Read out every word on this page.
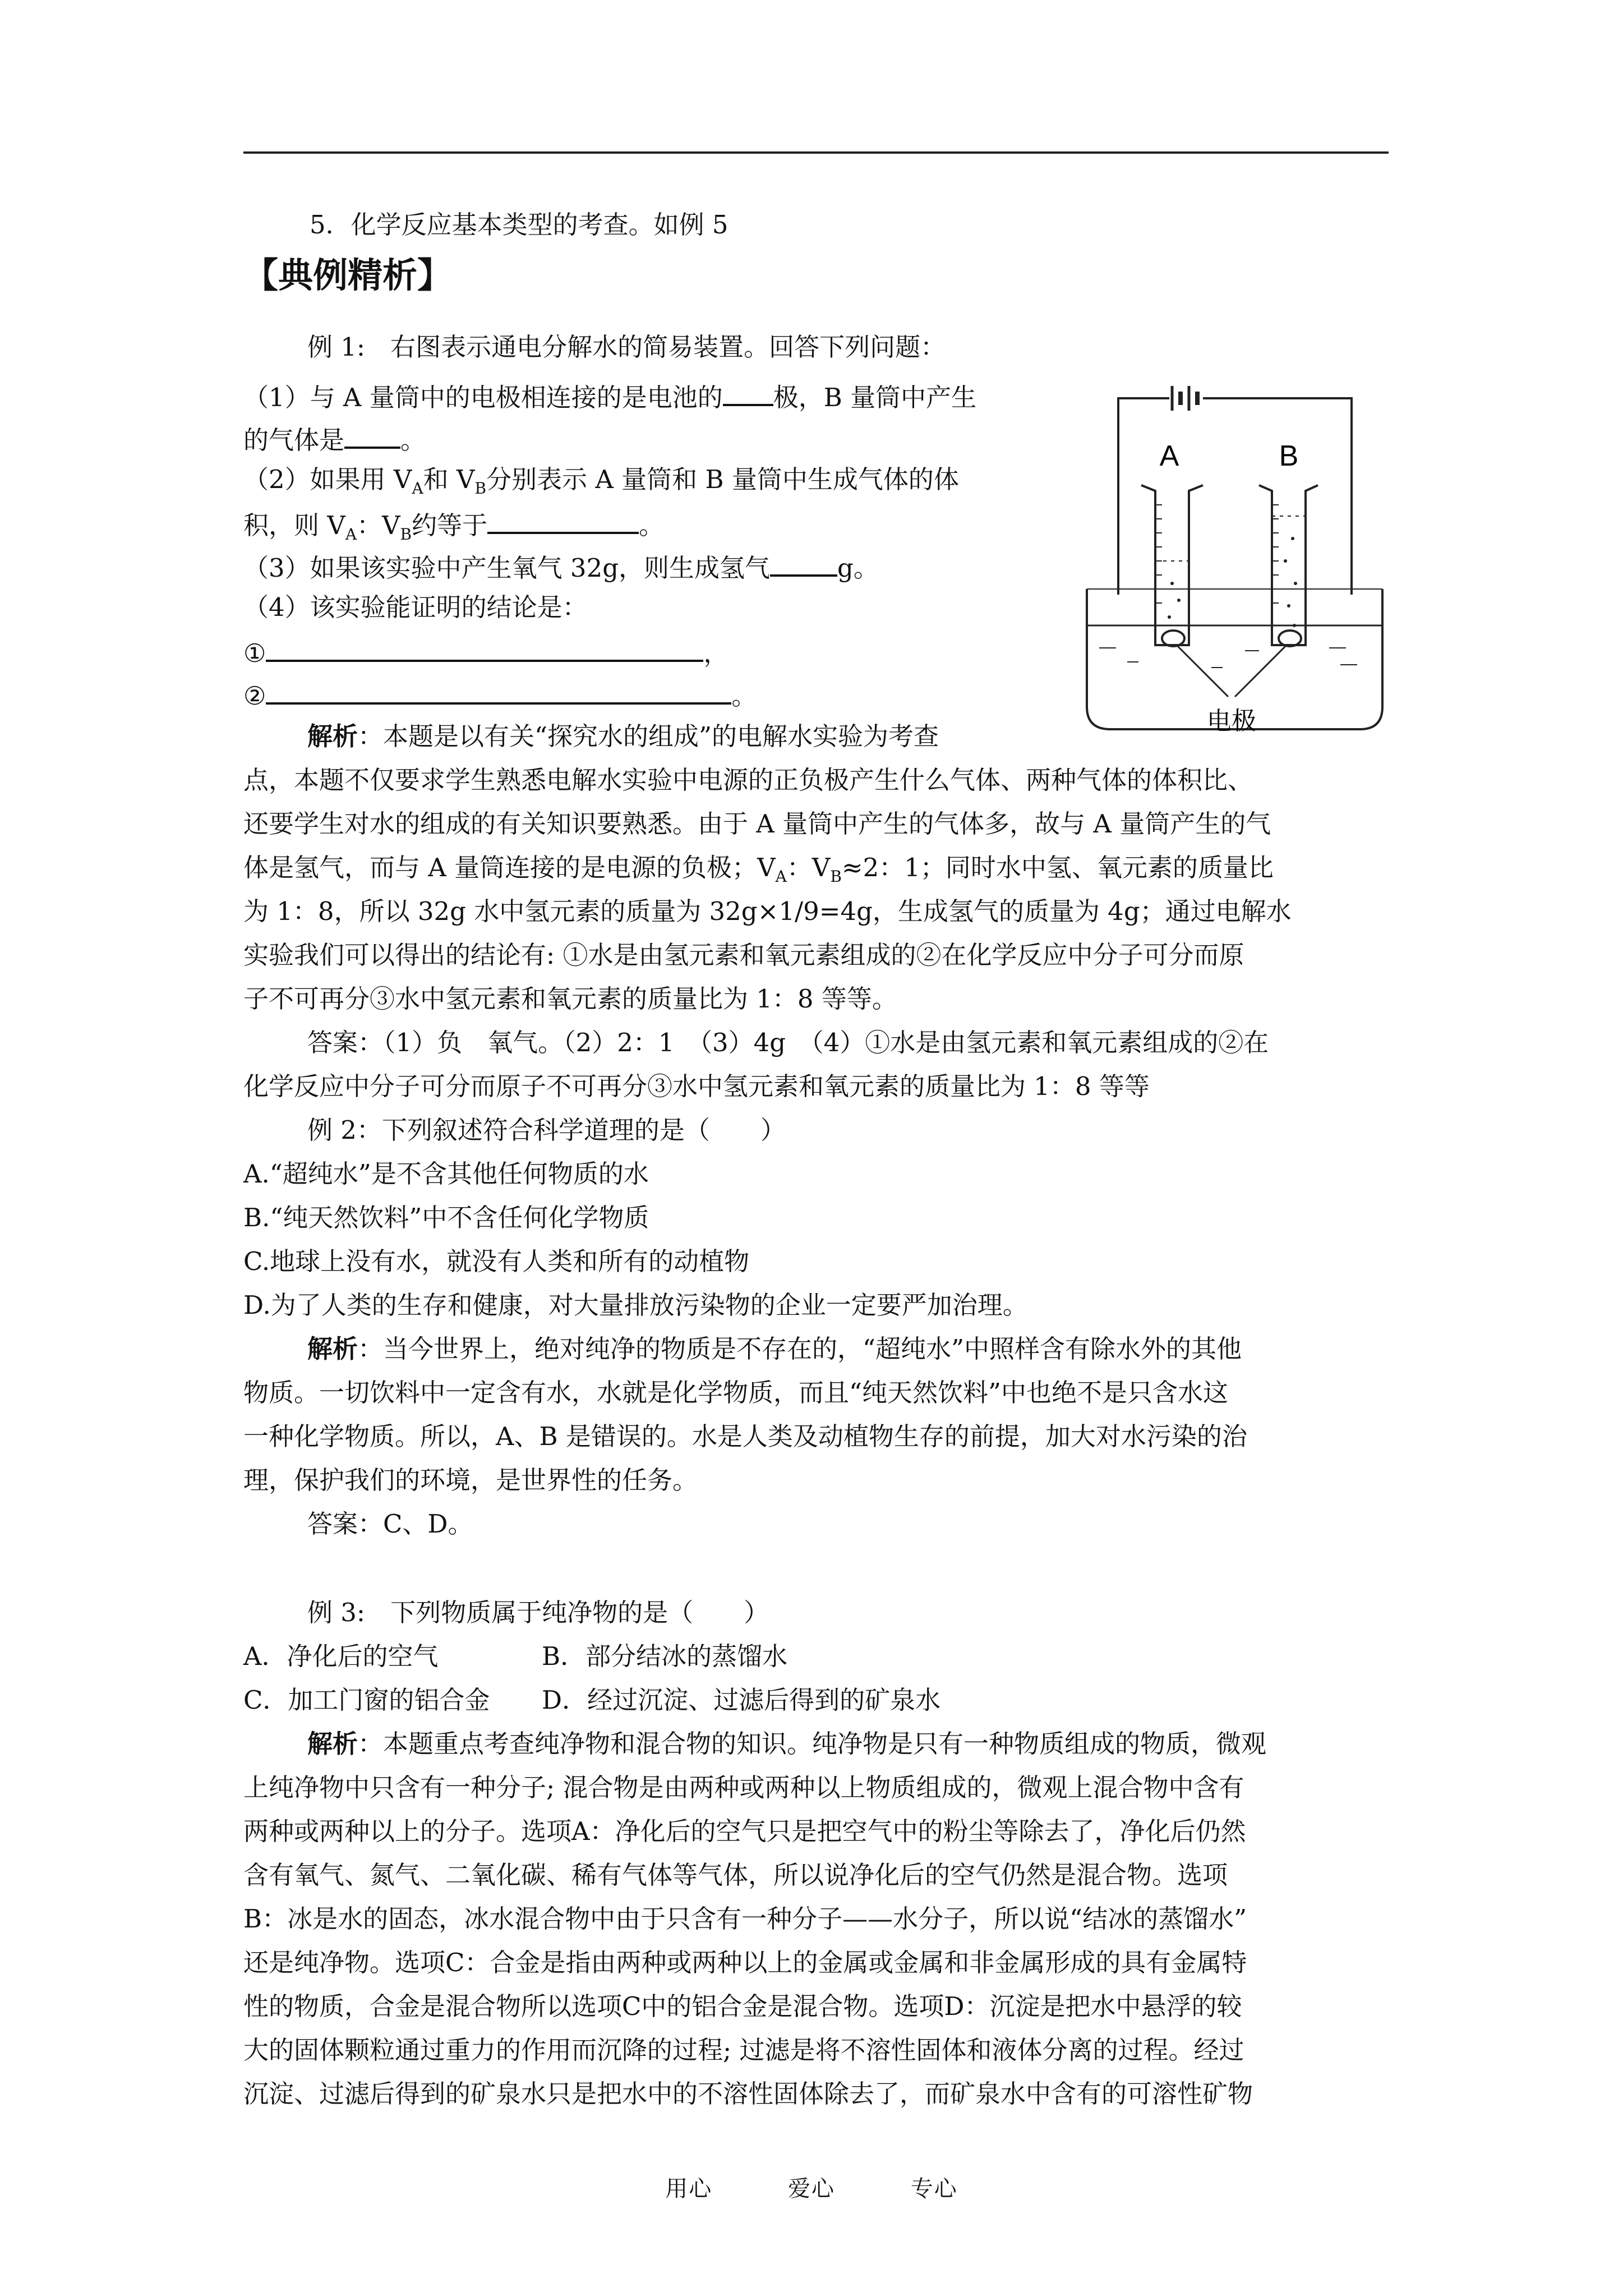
5．化学反应基本类型的考查。如例 5
【典例精析】
例 1:　右图表示通电分解水的简易装置。回答下列问题：
（1）与 A 量筒中的电极相连接的是电池的 极，B 量筒中产生
的气体是 。
（2）如果用 $V_A$和 $V_B$分别表示 A 量筒和 B 量筒中生成气体的体
积，则 $V_A$：$V_B$约等于	。
（3）如果该实验中产生氧气 32g，则生成氢气	g。
（4）该实验能证明的结论是：
①	，
②	。
解析：本题是以有关“探究水的组成”的电解水实验为考查
点，本题不仅要求学生熟悉电解水实验中电源的正负极产生什么气体、两种气体的体积比、
还要学生对水的组成的有关知识要熟悉。由于 A 量筒中产生的气体多，故与 A 量筒产生的气
体是氢气，而与 A 量筒连接的是电源的负极；$V_A$：$V_B\approx 2$：1；同时水中氢、氧元素的质量比
为 1：8，所以 32g 水中氢元素的质量为 32g×1/9=4g，生成氢气的质量为 4g；通过电解水
实验我们可以得出的结论有: ①水是由氢元素和氧元素组成的②在化学反应中分子可分而原
子不可再分③水中氢元素和氧元素的质量比为 1：8 等等。
答案：（1）负　氧气。（2）2：1　（3）4g　（4）①水是由氢元素和氧元素组成的②在
化学反应中分子可分而原子不可再分③水中氢元素和氧元素的质量比为 1：8 等等
A	B
电极
例 2：下列叙述符合科学道理的是（　　）
A.“超纯水”是不含其他任何物质的水
B.“纯天然饮料”中不含任何化学物质
C.地球上没有水，就没有人类和所有的动植物
D.为了人类的生存和健康，对大量排放污染物的企业一定要严加治理。
解析：当今世界上，绝对纯净的物质是不存在的，“超纯水”中照样含有除水外的其他
物质。一切饮料中一定含有水，水就是化学物质，而且“纯天然饮料”中也绝不是只含水这
一种化学物质。所以，A、B 是错误的。水是人类及动植物生存的前提，加大对水污染的治
理，保护我们的环境，是世界性的任务。
答案：C、D。
例 3:　下列物质属于纯净物的是（　　）
A．净化后的空气	B．部分结冰的蒸馏水
C．加工门窗的铝合金 D．经过沉淀、过滤后得到的矿泉水
解析：本题重点考查纯净物和混合物的知识。纯净物是只有一种物质组成的物质，微观
上纯净物中只含有一种分子; 混合物是由两种或两种以上物质组成的，微观上混合物中含有
两种或两种以上的分子。选项A：净化后的空气只是把空气中的粉尘等除去了，净化后仍然
含有氧气、氮气、二氧化碳、稀有气体等气体，所以说净化后的空气仍然是混合物。选项
B：冰是水的固态，冰水混合物中由于只含有一种分子——水分子，所以说“结冰的蒸馏水”
还是纯净物。选项C：合金是指由两种或两种以上的金属或金属和非金属形成的具有金属特
性的物质，合金是混合物所以选项C中的铝合金是混合物。选项D：沉淀是把水中悬浮的较
大的固体颗粒通过重力的作用而沉降的过程; 过滤是将不溶性固体和液体分离的过程。经过
沉淀、过滤后得到的矿泉水只是把水中的不溶性固体除去了，而矿泉水中含有的可溶性矿物
用心	爱心	专心
